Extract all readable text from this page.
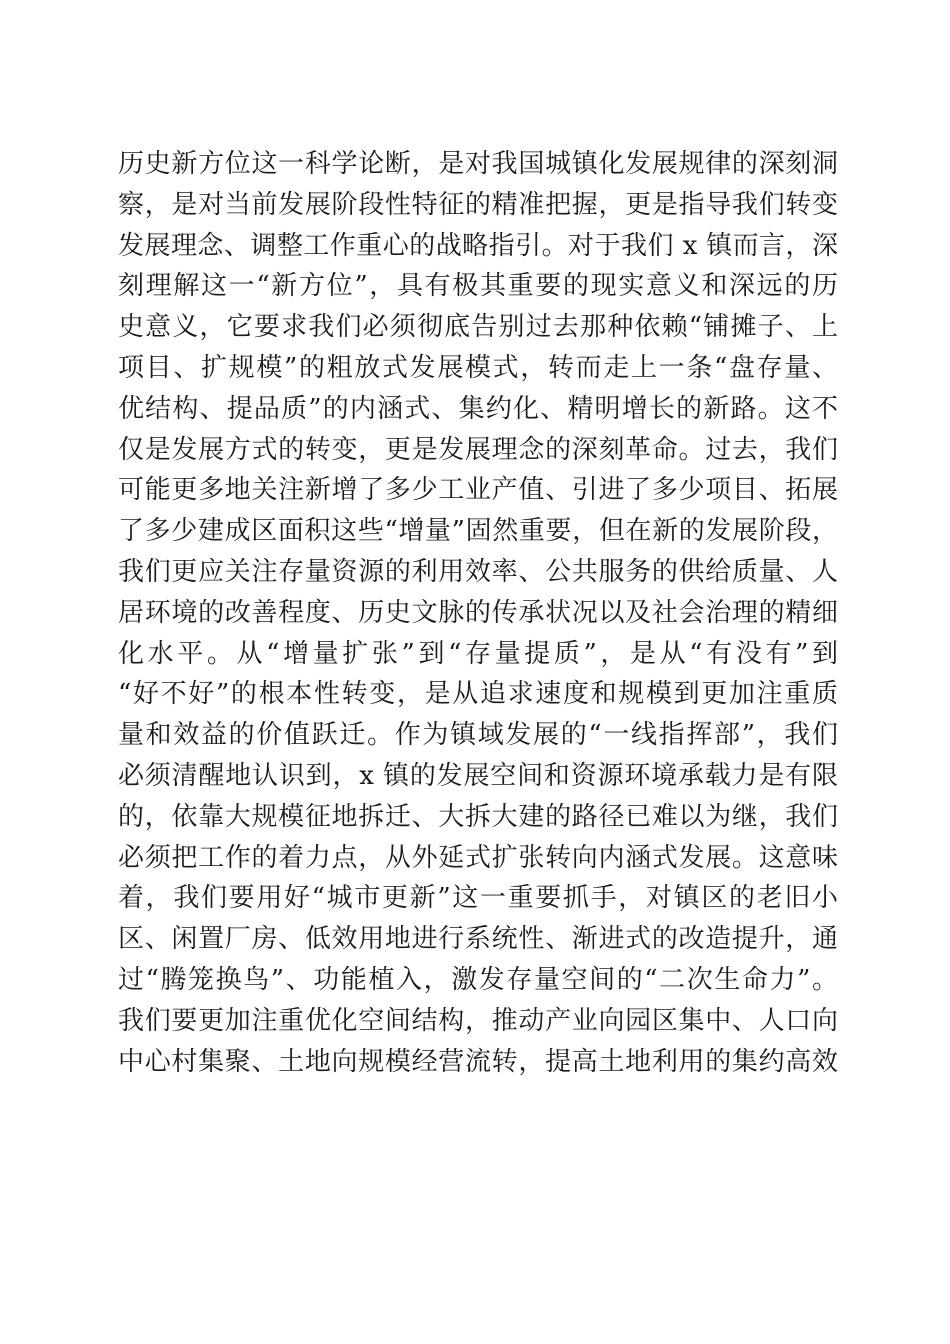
历史新方位这一科学论断，是对我国城镇化发展规律的深刻洞
察，是对当前发展阶段性特征的精准把握，更是指导我们转变
发展理念、调整工作重心的战略指引。对于我们 x 镇而言，深
刻理解这一“新方位”，具有极其重要的现实意义和深远的历
史意义，它要求我们必须彻底告别过去那种依赖“铺摊子、上
项目、扩规模”的粗放式发展模式，转而走上一条“盘存量、
优结构、提品质”的内涵式、集约化、精明增长的新路。这不
仅是发展方式的转变，更是发展理念的深刻革命。过去，我们
可能更多地关注新增了多少工业产值、引进了多少项目、拓展
了多少建成区面积这些“增量”固然重要，但在新的发展阶段，
我们更应关注存量资源的利用效率、公共服务的供给质量、人
居环境的改善程度、历史文脉的传承状况以及社会治理的精细
化水平。从“增量扩张”到“存量提质”，是从“有没有”到
“好不好”的根本性转变，是从追求速度和规模到更加注重质
量和效益的价值跃迁。作为镇域发展的“一线指挥部”，我们
必须清醒地认识到，x 镇的发展空间和资源环境承载力是有限
的，依靠大规模征地拆迁、大拆大建的路径已难以为继，我们
必须把工作的着力点，从外延式扩张转向内涵式发展。这意味
着，我们要用好“城市更新”这一重要抓手，对镇区的老旧小
区、闲置厂房、低效用地进行系统性、渐进式的改造提升，通
过“腾笼换鸟”、功能植入，激发存量空间的“二次生命力”。
我们要更加注重优化空间结构，推动产业向园区集中、人口向
中心村集聚、土地向规模经营流转，提高土地利用的集约高效
